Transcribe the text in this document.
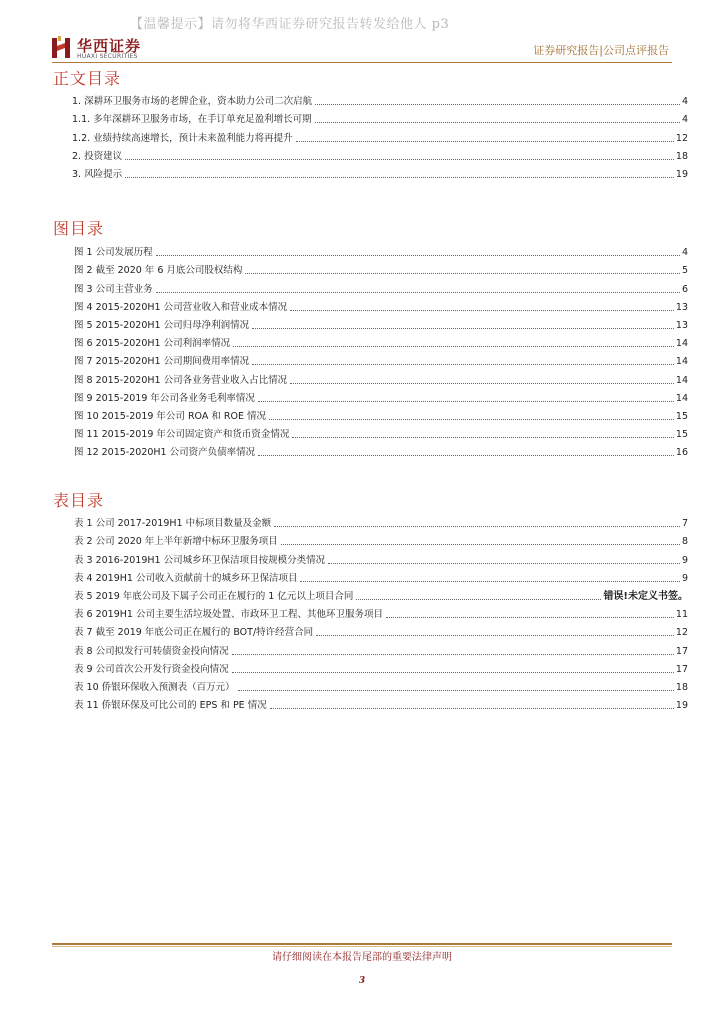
【温馨提示】请勿将华西证券研究报告转发给他人 p3
华西证券
HUAXI SECURITIES	证券研究报告|公司点评报告
正文目录
1. 深耕环卫服务市场的老牌企业，资本助力公司二次启航	4
1.1. 多年深耕环卫服务市场，在手订单充足盈利增长可期	4
1.2. 业绩持续高速增长，预计未来盈利能力将再提升	12
2. 投资建议	18
3. 风险提示	19
图目录
图 1 公司发展历程	4
图 2 截至 2020 年 6 月底公司股权结构	5
图 3 公司主营业务	6
图 4 2015-2020H1 公司营业收入和营业成本情况	13
图 5 2015-2020H1 公司归母净利润情况	13
图 6 2015-2020H1 公司利润率情况	14
图 7 2015-2020H1 公司期间费用率情况	14
图 8 2015-2020H1 公司各业务营业收入占比情况	14
图 9 2015-2019 年公司各业务毛利率情况	14
图 10 2015-2019 年公司 ROA 和 ROE 情况	15
图 11 2015-2019 年公司固定资产和货币资金情况	15
图 12 2015-2020H1 公司资产负债率情况	16
表目录
表 1 公司 2017-2019H1 中标项目数量及金额	7
表 2 公司 2020 年上半年新增中标环卫服务项目	8
表 3 2016-2019H1 公司城乡环卫保洁项目按规模分类情况	9
表 4 2019H1 公司收入贡献前十的城乡环卫保洁项目	9
表 5 2019 年底公司及下属子公司正在履行的 1 亿元以上项目合同	错误!未定义书签。
表 6 2019H1 公司主要生活垃圾处置、市政环卫工程、其他环卫服务项目	11
表 7 截至 2019 年底公司正在履行的 BOT/特许经营合同	12
表 8 公司拟发行可转债资金投向情况	17
表 9 公司首次公开发行资金投向情况	17
表 10 侨银环保收入预测表（百万元）	18
表 11 侨银环保及可比公司的 EPS 和 PE 情况	19
请仔细阅读在本报告尾部的重要法律声明
3
